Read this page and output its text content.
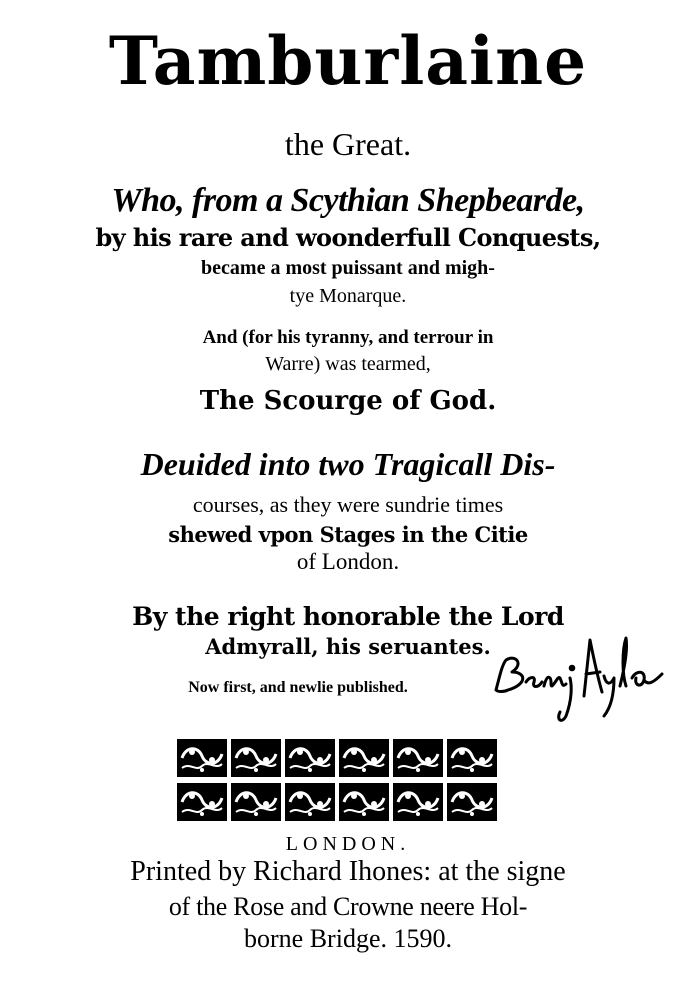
Tamburlaine
the Great.
Who, from a Scythian Shepbearde,
by his rare and woonderfull Conquests,
became a most puissant and migh-
tye Monarque.
And (for his tyranny, and terrour in
Warre) was tearmed,
The Scourge of God.
Deuided into two Tragicall Dis-
courses, as they were sundrie times
shewed vpon Stages in the Citie
of London.
By the right honorable the Lord
Admyrall, his seruantes.
Now first, and newlie published.
LONDON.
Printed by Richard Ihones: at the signe
of the Rose and Crowne neere Hol-
borne Bridge. 1590.
